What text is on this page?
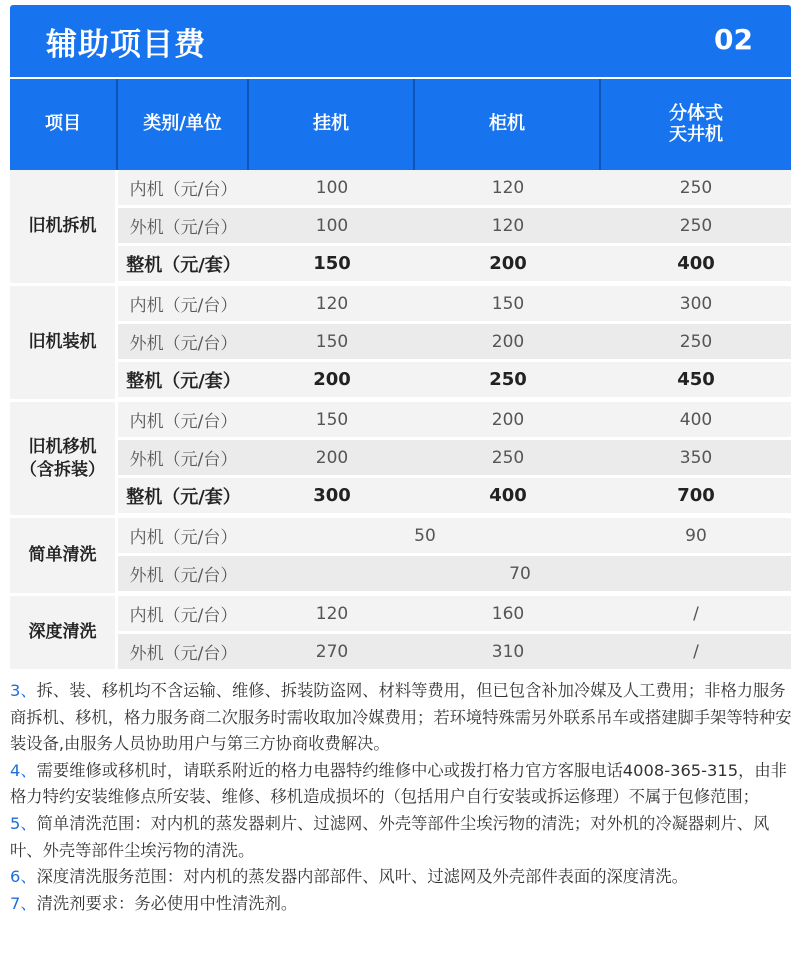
辅助项目费	02
项目	类别/单位	挂机	柜机	分体式
天井机
旧机拆机	内机（元/台）	100	120	250
	外机（元/台）	100	120	250
	整机（元/套）	150	200	400
旧机装机	内机（元/台）	120	150	300
	外机（元/台）	150	200	250
	整机（元/套）	200	250	450
旧机移机
（含拆装）	内机（元/台）	150	200	400
	外机（元/台）	200	250	350
	整机（元/套）	300	400	700
简单清洗	内机（元/台）	50		90
	外机（元/台）	70		
深度清洗	内机（元/台）	120	160	/
	外机（元/台）	270	310	/

3、拆、装、移机均不含运输、维修、拆装防盗网、材料等费用，但已包含补加冷媒及人工费用；非格力服务商拆机、移机，格力服务商二次服务时需收取加冷媒费用；若环境特殊需另外联系吊车或搭建脚手架等特种安装设备,由服务人员协助用户与第三方协商收费解决。

4、需要维修或移机时，请联系附近的格力电器特约维修中心或拨打格力官方客服电话4008-365-315，由非格力特约安装维修点所安装、维修、移机造成损坏的（包括用户自行安装或拆运修理）不属于包修范围；

5、简单清洗范围：对内机的蒸发器刺片、过滤网、外壳等部件尘埃污物的清洗；对外机的冷凝器刺片、风叶、外壳等部件尘埃污物的清洗。

6、深度清洗服务范围：对内机的蒸发器内部部件、风叶、过滤网及外壳部件表面的深度清洗。

7、清洗剂要求：务必使用中性清洗剂。
